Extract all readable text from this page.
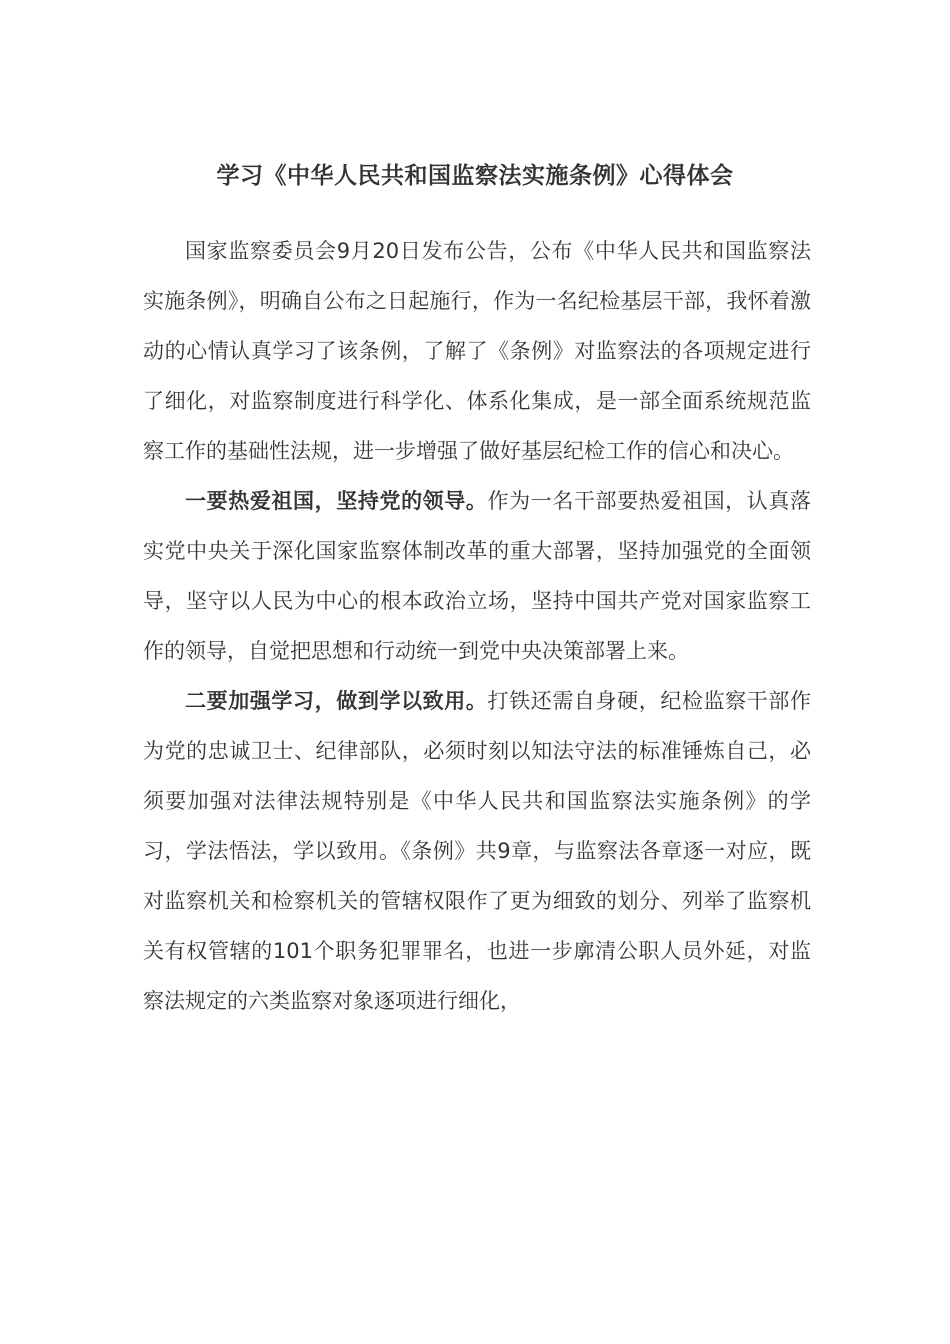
学习《中华人民共和国监察法实施条例》心得体会

国家监察委员会9月20日发布公告，公布《中华人民共和国监察法实施条例》，明确自公布之日起施行，作为一名纪检基层干部，我怀着激动的心情认真学习了该条例，了解了《条例》对监察法的各项规定进行了细化，对监察制度进行科学化、体系化集成，是一部全面系统规范监察工作的基础性法规，进一步增强了做好基层纪检工作的信心和决心。

一要热爱祖国，坚持党的领导。作为一名干部要热爱祖国，认真落实党中央关于深化国家监察体制改革的重大部署，坚持加强党的全面领导，坚守以人民为中心的根本政治立场，坚持中国共产党对国家监察工作的领导，自觉把思想和行动统一到党中央决策部署上来。

二要加强学习，做到学以致用。打铁还需自身硬，纪检监察干部作为党的忠诚卫士、纪律部队，必须时刻以知法守法的标准锤炼自己，必须要加强对法律法规特别是《中华人民共和国监察法实施条例》的学习，学法悟法，学以致用。《条例》共9章，与监察法各章逐一对应，既对监察机关和检察机关的管辖权限作了更为细致的划分、列举了监察机关有权管辖的101个职务犯罪罪名，也进一步廓清公职人员外延，对监察法规定的六类监察对象逐项进行细化，
